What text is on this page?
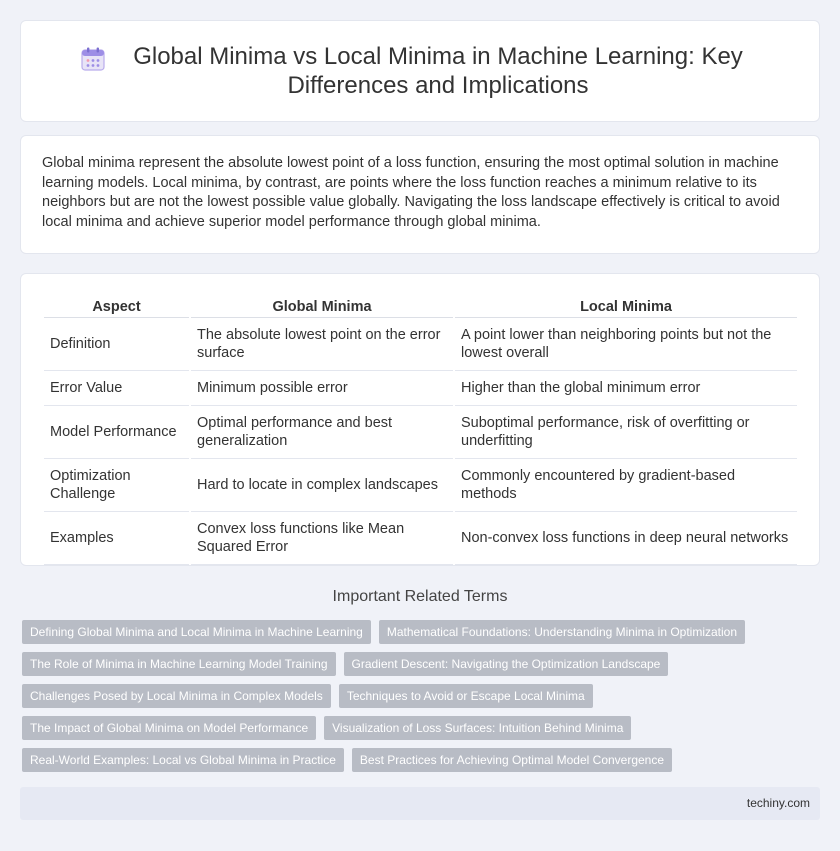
Global Minima vs Local Minima in Machine Learning: Key Differences and Implications

Global minima represent the absolute lowest point of a loss function, ensuring the most optimal solution in machine learning models. Local minima, by contrast, are points where the loss function reaches a minimum relative to its neighbors but are not the lowest possible value globally. Navigating the loss landscape effectively is critical to avoid local minima and achieve superior model performance through global minima.

Aspect	Global Minima	Local Minima
Definition	The absolute lowest point on the error surface	A point lower than neighboring points but not the lowest overall
Error Value	Minimum possible error	Higher than the global minimum error
Model Performance	Optimal performance and best generalization	Suboptimal performance, risk of overfitting or underfitting
Optimization Challenge	Hard to locate in complex landscapes	Commonly encountered by gradient-based methods
Examples	Convex loss functions like Mean Squared Error	Non-convex loss functions in deep neural networks
Important Related Terms
Defining Global Minima and Local Minima in Machine Learning	Mathematical Foundations: Understanding Minima in Optimization
The Role of Minima in Machine Learning Model Training	Gradient Descent: Navigating the Optimization Landscape
Challenges Posed by Local Minima in Complex Models	Techniques to Avoid or Escape Local Minima
The Impact of Global Minima on Model Performance	Visualization of Loss Surfaces: Intuition Behind Minima
Real-World Examples: Local vs Global Minima in Practice	Best Practices for Achieving Optimal Model Convergence
techiny.com
